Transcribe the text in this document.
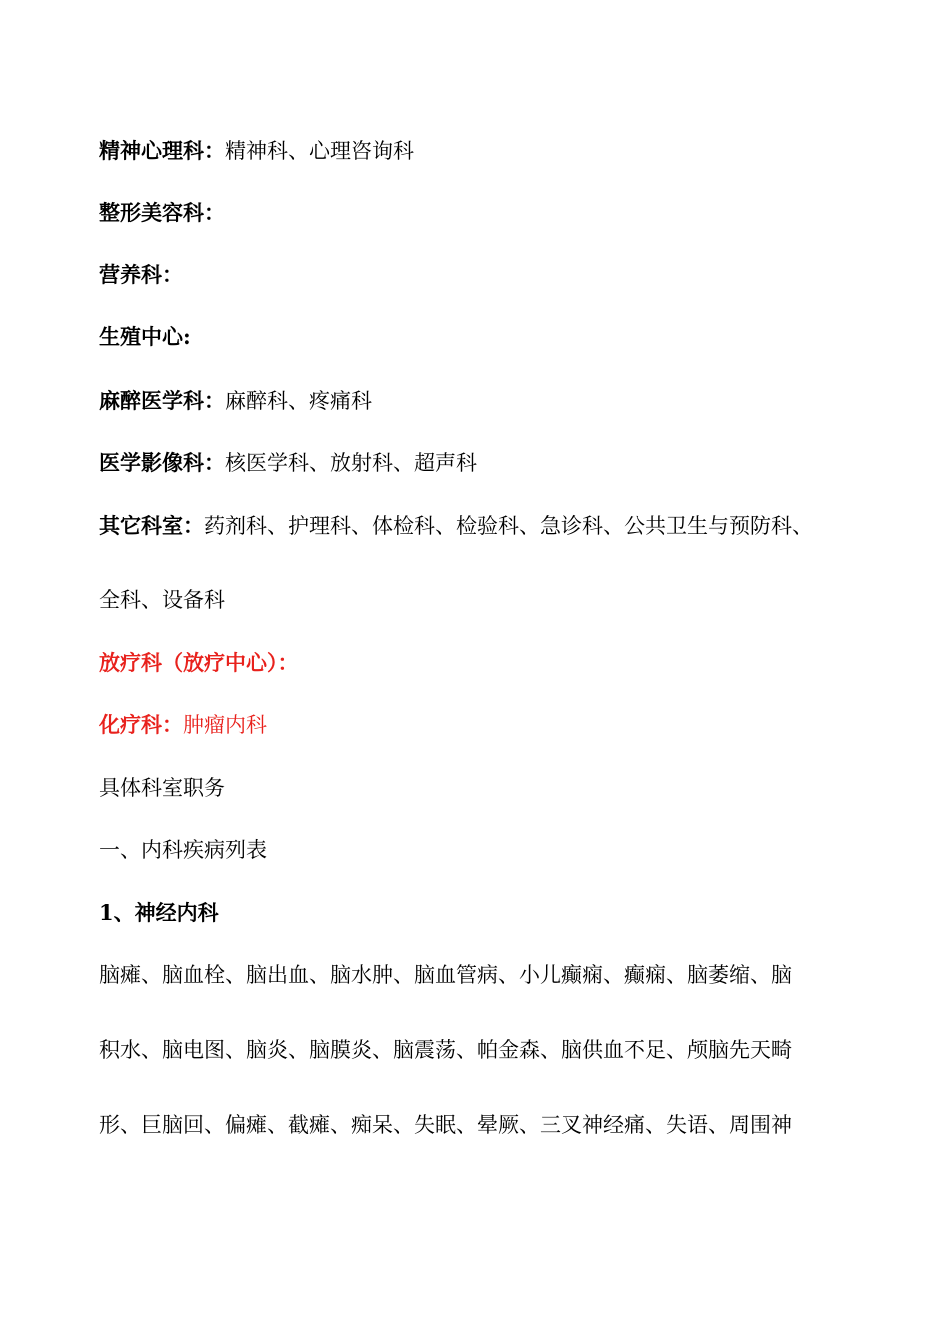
精神心理科：精神科、心理咨询科
整形美容科：
营养科：
生殖中心:
麻醉医学科：麻醉科、疼痛科
医学影像科：核医学科、放射科、超声科
其它科室：药剂科、护理科、体检科、检验科、急诊科、公共卫生与预防科、
全科、设备科
放疗科（放疗中心）：
化疗科：肿瘤内科
具体科室职务
一、内科疾病列表
1、神经内科
脑瘫、脑血栓、脑出血、脑水肿、脑血管病、小儿癫痫、癫痫、脑萎缩、脑
积水、脑电图、脑炎、脑膜炎、脑震荡、帕金森、脑供血不足、颅脑先天畸
形、巨脑回、偏瘫、截瘫、痴呆、失眠、晕厥、三叉神经痛、失语、周围神
